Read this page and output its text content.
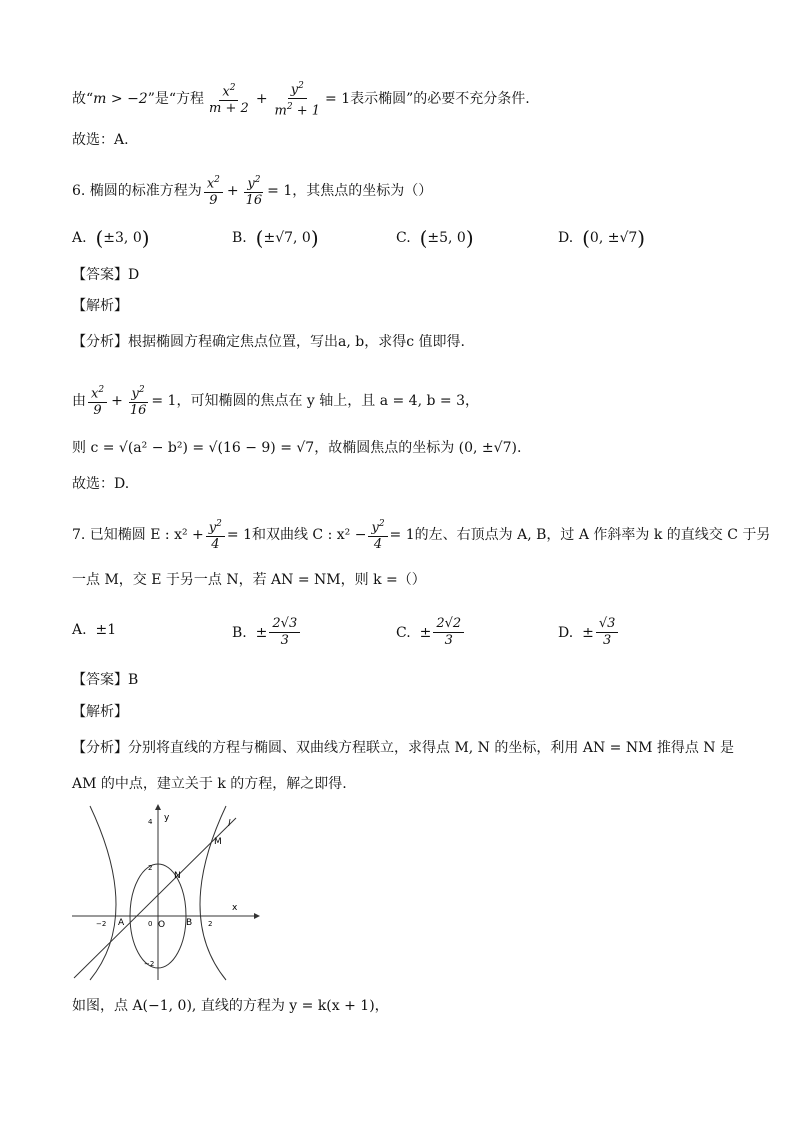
故“ m > −2 ”是“方程 $\frac{x^2}{m + 2} + \frac{y^2}{m^2 + 1} = 1$表示椭圆”的必要不充分条件.
故选：A.
6. 椭圆的标准方程为 $\frac{x^2}{9} + \frac{y^2}{16} = 1$，其焦点的坐标为（）
A.
( ±3, 0 )	B.
( ±√7, 0 )	C.
( ±5, 0 )	D.
( 0, ±√7 )
【答案】D
【解析】
【分析】根据椭圆方程确定焦点位置，写出a, b，求得c 值即得.
由 $\frac{x^2}{9} + \frac{y^2}{16} = 1$，可知椭圆的焦点在 y 轴上，且 a = 4, b = 3，
则 c = √(a² − b²) = √(16 − 9) = √7，故椭圆焦点的坐标为 (0, ±√7).
故选：D.
7. 已知椭圆 E : $x^2 + \frac{y^2}{4} = 1$和双曲线 C : $x^2 - \frac{y^2}{4} = 1$的左、右顶点为 A, B，过 A 作斜率为 k 的直线交 C 于另
一点 M，交 E 于另一点 N，若 AN = NM，则 k =（）
A.
±1	B. ± $\frac{2√3}{3}$	C. ± $\frac{2√2}{3}$	D. ± $\frac{√3}{3}$
【答案】B
【解析】
【分析】分别将直线的方程与椭圆、双曲线方程联立，求得点 M, N 的坐标，利用 AN = NM 推得点 N 是
AM 的中点，建立关于 k 的方程，解之即得.
y
x
l
M
N
A	B
O
4
2
−2
−2	0	2
如图，点 A(−1, 0), 直线的方程为 y = k(x + 1)，
